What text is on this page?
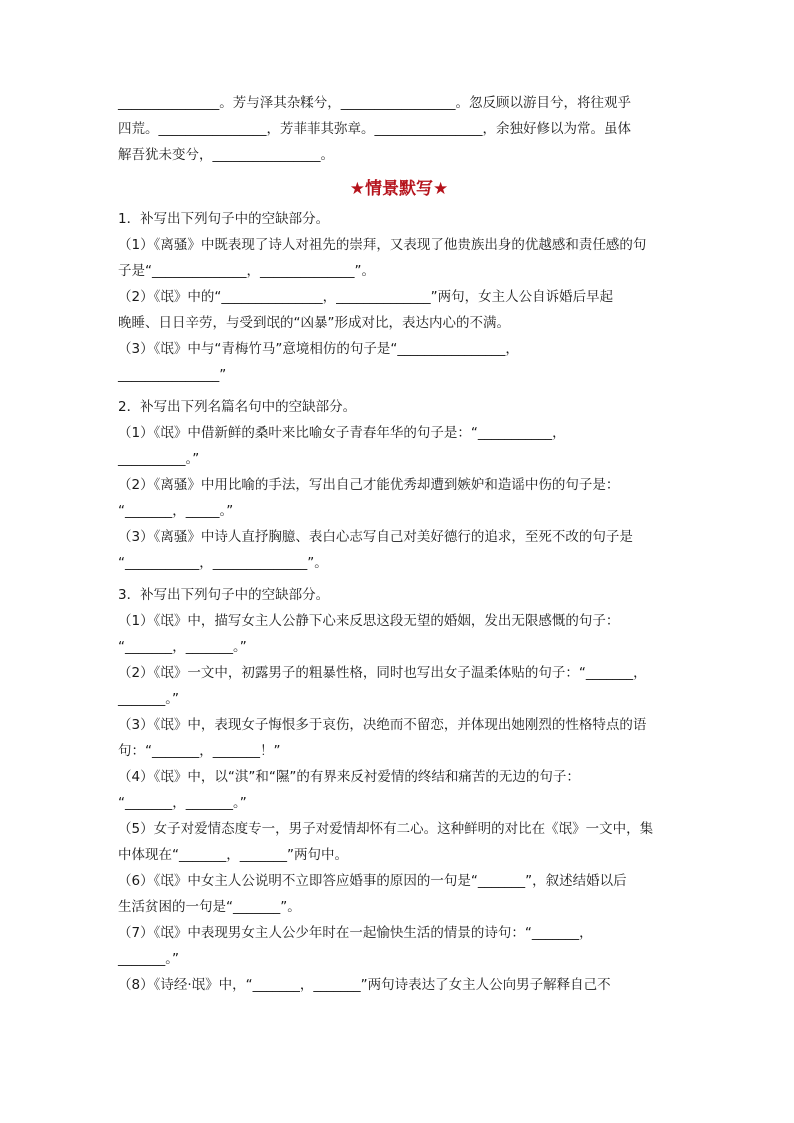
_______________。芳与泽其杂糅兮，_________________。忽反顾以游目兮，将往观乎
四荒。________________，芳菲菲其弥章。________________，余独好修以为常。虽体
解吾犹未变兮，________________。
★情景默写★
1．补写出下列句子中的空缺部分。
（1）《离骚》中既表现了诗人对祖先的崇拜，又表现了他贵族出身的优越感和责任感的句
子是“______________，______________”。
（2）《氓》中的“_______________，______________”两句，女主人公自诉婚后早起
晚睡、日日辛劳，与受到氓的“凶暴”形成对比，表达内心的不满。
（3）《氓》中与“青梅竹马”意境相仿的句子是“________________，
_______________”
2．补写出下列名篇名句中的空缺部分。
（1）《氓》中借新鲜的桑叶来比喻女子青春年华的句子是：“___________，
__________。”
（2）《离骚》中用比喻的手法，写出自己才能优秀却遭到嫉妒和造谣中伤的句子是：
“_______，_____。”
（3）《离骚》中诗人直抒胸臆、表白心志写自己对美好德行的追求，至死不改的句子是
“___________，______________”。
3．补写出下列句子中的空缺部分。
（1）《氓》中，描写女主人公静下心来反思这段无望的婚姻，发出无限感慨的句子：
“_______，_______。”
（2）《氓》一文中，初露男子的粗暴性格，同时也写出女子温柔体贴的句子：“_______，
_______。”
（3）《氓》中，表现女子悔恨多于哀伤，决绝而不留恋，并体现出她刚烈的性格特点的语
句：“_______，_______！”
（4）《氓》中，以“淇”和“隰”的有界来反衬爱情的终结和痛苦的无边的句子：
“_______，_______。”
（5）女子对爱情态度专一，男子对爱情却怀有二心。这种鲜明的对比在《氓》一文中，集
中体现在“_______，_______”两句中。
（6）《氓》中女主人公说明不立即答应婚事的原因的一句是“_______”，叙述结婚以后
生活贫困的一句是“_______”。
（7）《氓》中表现男女主人公少年时在一起愉快生活的情景的诗句：“_______，
_______。”
（8）《诗经·氓》中，“_______，_______”两句诗表达了女主人公向男子解释自己不
